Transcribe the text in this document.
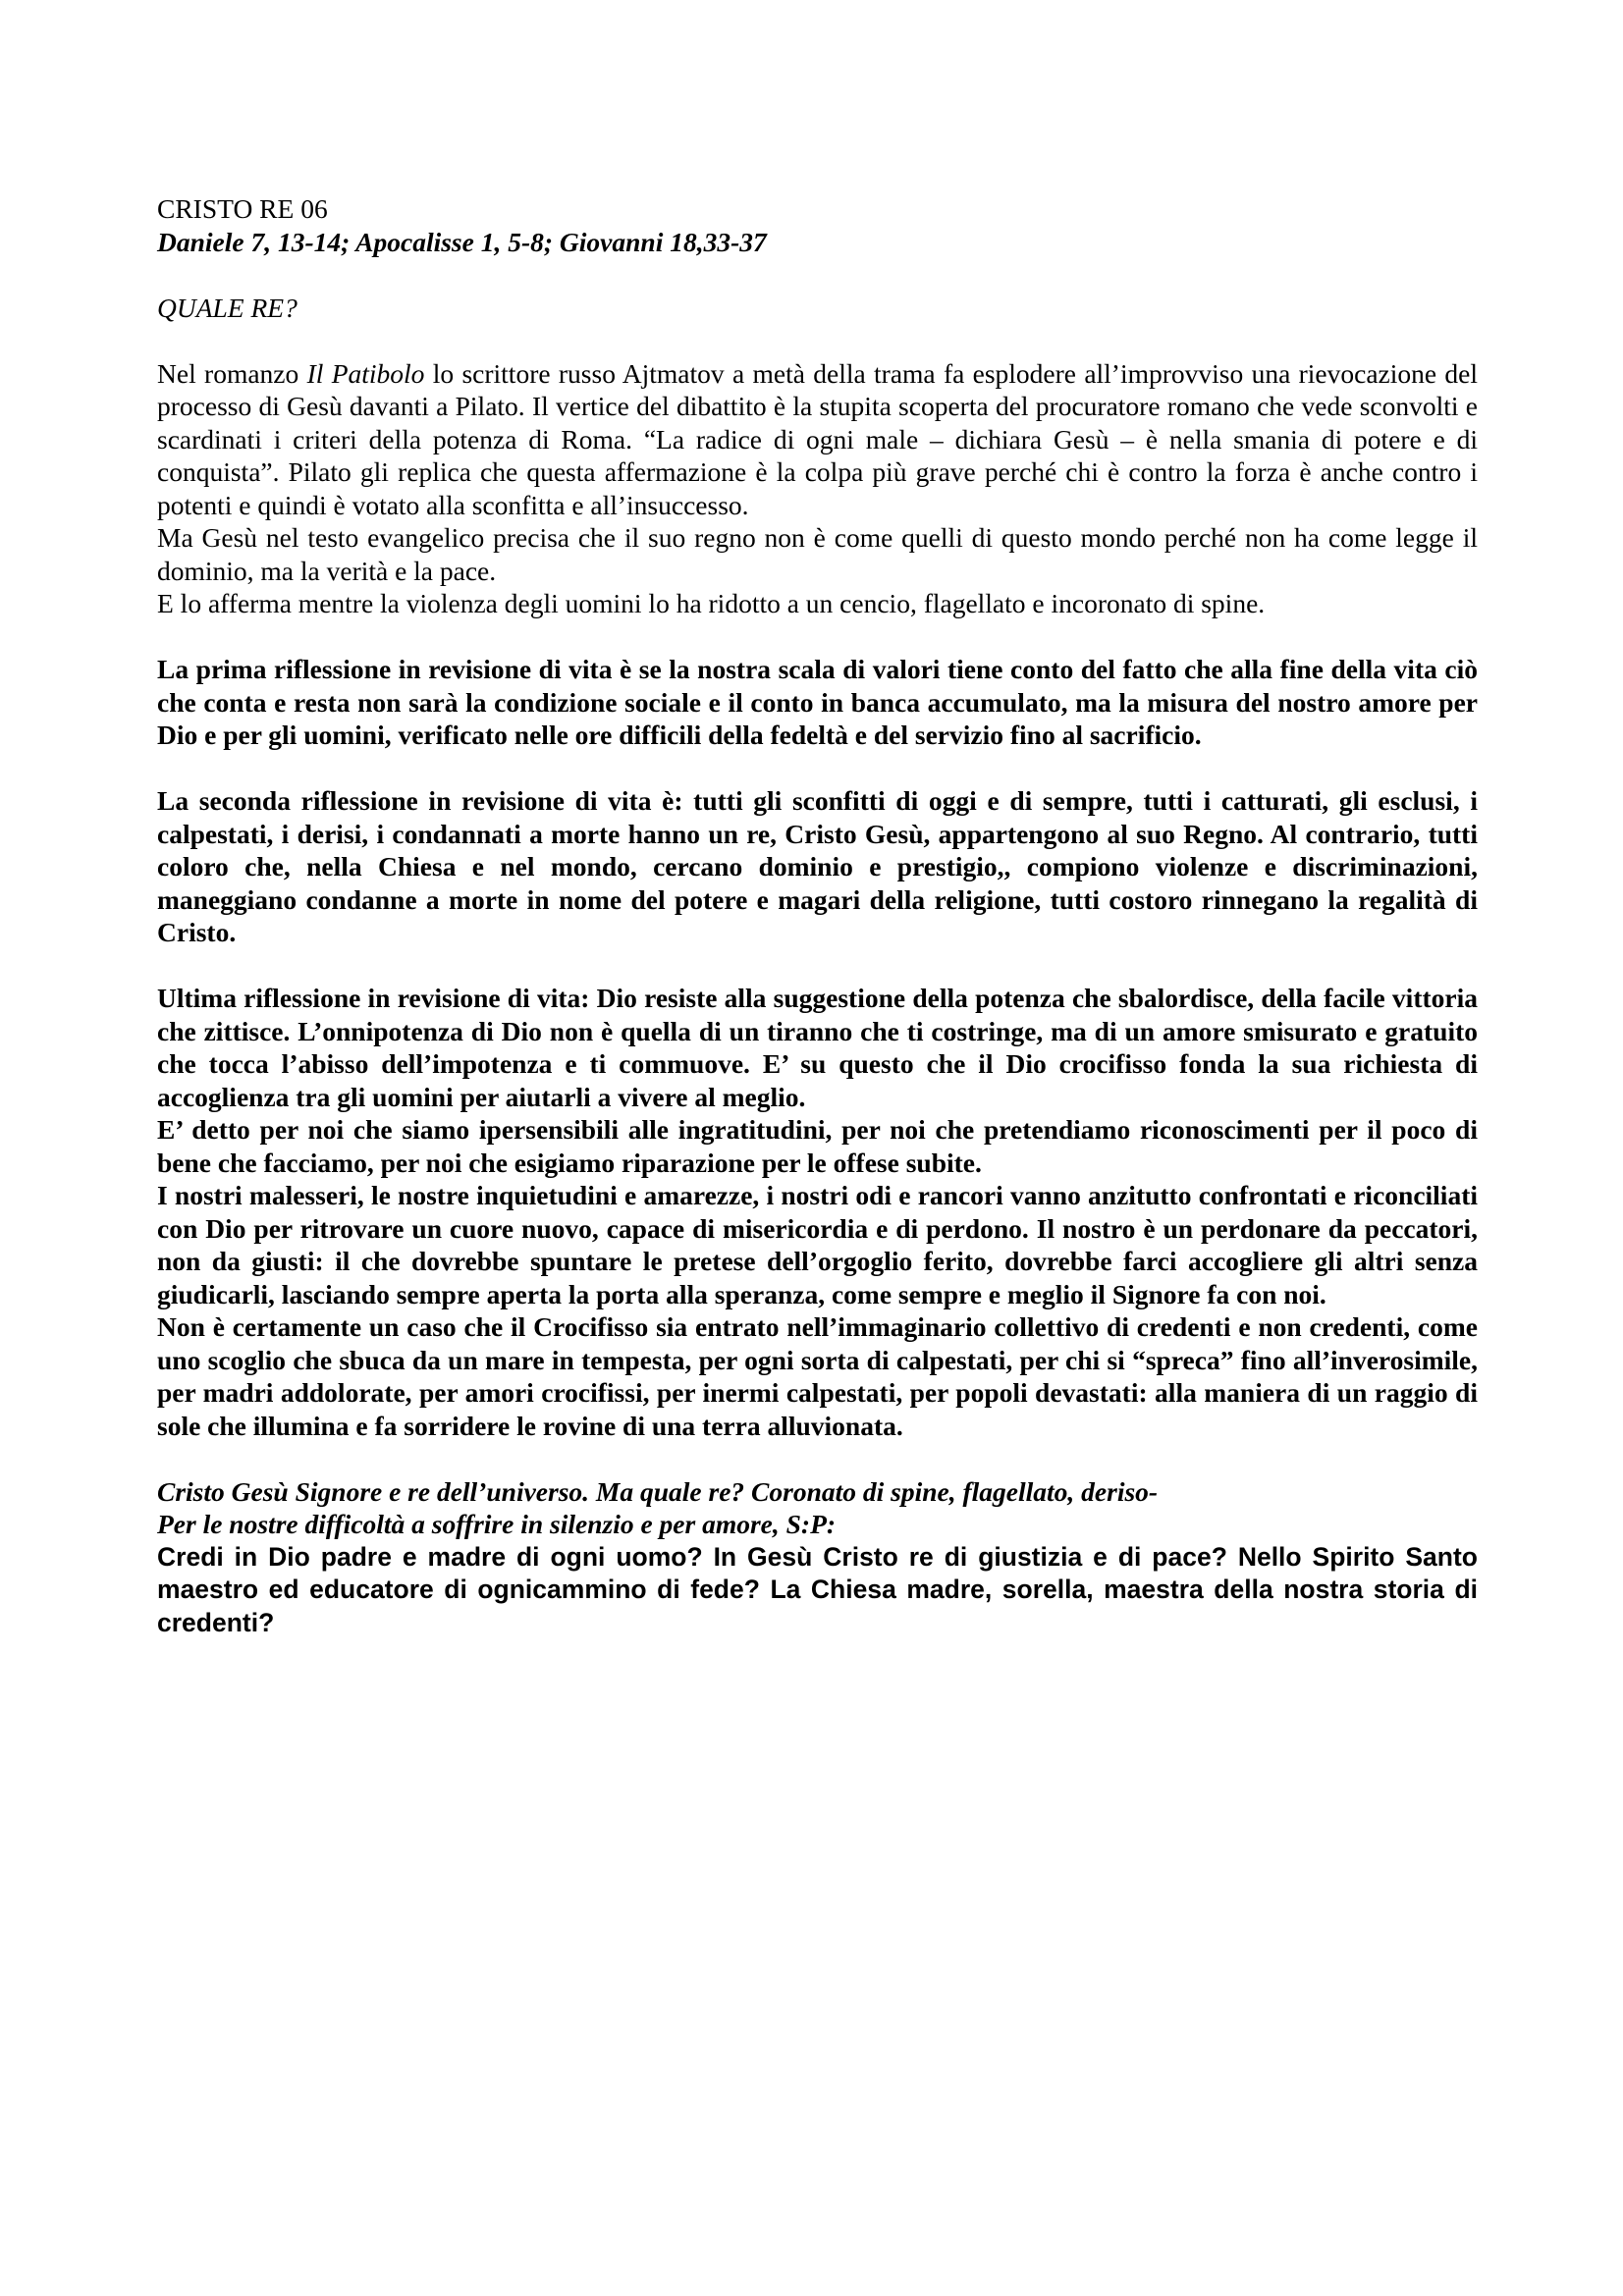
CRISTO RE 06

Daniele 7, 13-14; Apocalisse 1, 5-8; Giovanni 18,33-37

QUALE RE?

Nel romanzo Il Patibolo lo scrittore russo Ajtmatov a metà della trama fa esplodere all’improvviso una rievocazione del processo di Gesù davanti a Pilato. Il vertice del dibattito è la stupita scoperta del procuratore romano che vede sconvolti e scardinati i criteri della potenza di Roma. “La radice di ogni male – dichiara Gesù – è nella smania di potere e di conquista”. Pilato gli replica che questa affermazione è la colpa più grave perché chi è contro la forza è anche contro i potenti e quindi è votato alla sconfitta e all’insuccesso.

Ma Gesù nel testo evangelico precisa che il suo regno non è come quelli di questo mondo perché non ha come legge il dominio, ma la verità e la pace.

E lo afferma mentre la violenza degli uomini lo ha ridotto a un cencio, flagellato e incoronato di spine.

La prima riflessione in revisione di vita è se la nostra scala di valori tiene conto del fatto che alla fine della vita ciò che conta e resta non sarà la condizione sociale e il conto in banca accumulato, ma la misura del nostro amore per Dio e per gli uomini, verificato nelle ore difficili della fedeltà e del servizio fino al sacrificio.

La seconda riflessione in revisione di vita è: tutti gli sconfitti di oggi e di sempre, tutti i catturati, gli esclusi, i calpestati, i derisi, i condannati a morte hanno un re, Cristo Gesù, appartengono al suo Regno. Al contrario, tutti coloro che, nella Chiesa e nel mondo, cercano dominio e prestigio,, compiono violenze e discriminazioni, maneggiano condanne a morte in nome del potere e magari della religione, tutti costoro rinnegano la regalità di Cristo.

Ultima riflessione in revisione di vita: Dio resiste alla suggestione della potenza che sbalordisce, della facile vittoria che zittisce. L’onnipotenza di Dio non è quella di un tiranno che ti costringe, ma di un amore smisurato e gratuito che tocca l’abisso dell’impotenza e ti commuove. E’ su questo che il Dio crocifisso fonda la sua richiesta di accoglienza tra gli uomini per aiutarli a vivere al meglio.

E’ detto per noi che siamo ipersensibili alle ingratitudini, per noi che pretendiamo riconoscimenti per il poco di bene che facciamo, per noi che esigiamo riparazione per le offese subite.

I nostri malesseri, le nostre inquietudini e amarezze, i nostri odi e rancori vanno anzitutto confrontati e riconciliati con Dio per ritrovare un cuore nuovo, capace di misericordia e di perdono. Il nostro è un perdonare da peccatori, non da giusti: il che dovrebbe spuntare le pretese dell’orgoglio ferito, dovrebbe farci accogliere gli altri senza giudicarli, lasciando sempre aperta la porta alla speranza, come sempre e meglio il Signore fa con noi.

Non è certamente un caso che il Crocifisso sia entrato nell’immaginario collettivo di credenti e non credenti, come uno scoglio che sbuca da un mare in tempesta, per ogni sorta di calpestati, per chi si “spreca” fino all’inverosimile, per madri addolorate, per amori crocifissi, per inermi calpestati, per popoli devastati: alla maniera di un raggio di sole che illumina e fa sorridere le rovine di una terra alluvionata.

Cristo Gesù Signore e re dell’universo. Ma quale re? Coronato di spine, flagellato, deriso-

Per le nostre difficoltà a soffrire in silenzio e per amore, S:P:

Credi in Dio padre e madre di ogni uomo? In Gesù Cristo re di giustizia e di pace? Nello Spirito Santo maestro ed educatore di ognicammino di fede? La Chiesa madre, sorella, maestra della nostra storia di credenti?
